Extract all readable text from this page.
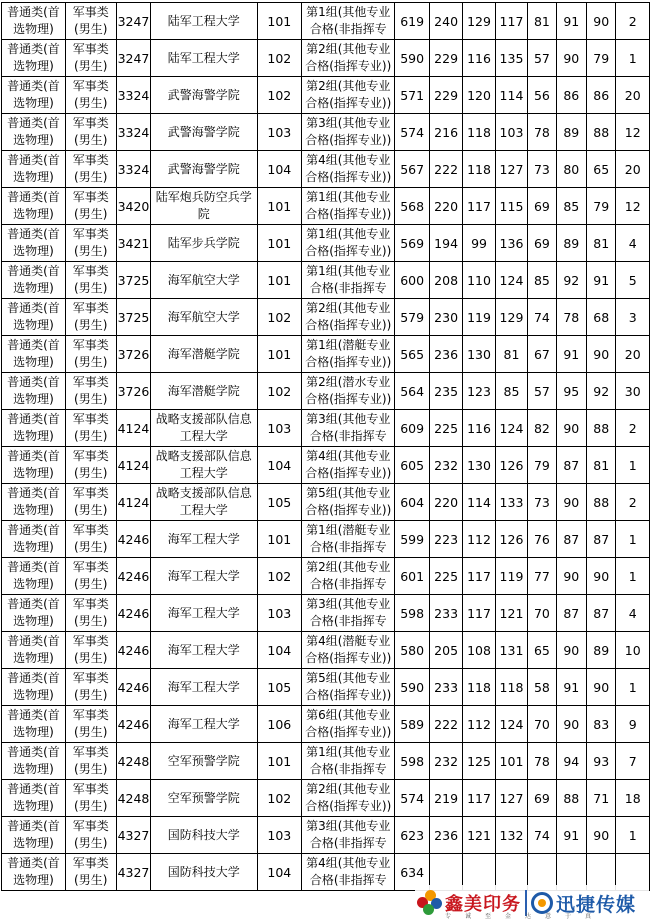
普通类(首
选物理)	军事类
(男生)	3247	陆军工程大学	101	第1组(其他专业
合格(非指挥专	619	240	129	117	81	91	90	2
普通类(首
选物理)	军事类
(男生)	3247	陆军工程大学	102	第2组(其他专业
合格(指挥专业))	590	229	116	135	57	90	79	1
普通类(首
选物理)	军事类
(男生)	3324	武警海警学院	102	第2组(其他专业
合格(指挥专业))	571	229	120	114	56	86	86	20
普通类(首
选物理)	军事类
(男生)	3324	武警海警学院	103	第3组(其他专业
合格(指挥专业))	574	216	118	103	78	89	88	12
普通类(首
选物理)	军事类
(男生)	3324	武警海警学院	104	第4组(其他专业
合格(指挥专业))	567	222	118	127	73	80	65	20
普通类(首
选物理)	军事类
(男生)	3420	陆军炮兵防空兵学
院	101	第1组(其他专业
合格(指挥专业))	568	220	117	115	69	85	79	12
普通类(首
选物理)	军事类
(男生)	3421	陆军步兵学院	101	第1组(其他专业
合格(指挥专业))	569	194	99	136	69	89	81	4
普通类(首
选物理)	军事类
(男生)	3725	海军航空大学	101	第1组(其他专业
合格(非指挥专	600	208	110	124	85	92	91	5
普通类(首
选物理)	军事类
(男生)	3725	海军航空大学	102	第2组(其他专业
合格(指挥专业))	579	230	119	129	74	78	68	3
普通类(首
选物理)	军事类
(男生)	3726	海军潜艇学院	101	第1组(潜艇专业
合格(指挥专业))	565	236	130	81	67	91	90	20
普通类(首
选物理)	军事类
(男生)	3726	海军潜艇学院	102	第2组(潜水专业
合格(指挥专业))	564	235	123	85	57	95	92	30
普通类(首
选物理)	军事类
(男生)	4124	战略支援部队信息
工程大学	103	第3组(其他专业
合格(非指挥专	609	225	116	124	82	90	88	2
普通类(首
选物理)	军事类
(男生)	4124	战略支援部队信息
工程大学	104	第4组(其他专业
合格(指挥专业))	605	232	130	126	79	87	81	1
普通类(首
选物理)	军事类
(男生)	4124	战略支援部队信息
工程大学	105	第5组(其他专业
合格(指挥专业))	604	220	114	133	73	90	88	2
普通类(首
选物理)	军事类
(男生)	4246	海军工程大学	101	第1组(潜艇专业
合格(非指挥专	599	223	112	126	76	87	87	1
普通类(首
选物理)	军事类
(男生)	4246	海军工程大学	102	第2组(其他专业
合格(非指挥专	601	225	117	119	77	90	90	1
普通类(首
选物理)	军事类
(男生)	4246	海军工程大学	103	第3组(其他专业
合格(非指挥专	598	233	117	121	70	87	87	4
普通类(首
选物理)	军事类
(男生)	4246	海军工程大学	104	第4组(潜艇专业
合格(指挥专业))	580	205	108	131	65	90	89	10
普通类(首
选物理)	军事类
(男生)	4246	海军工程大学	105	第5组(其他专业
合格(指挥专业))	590	233	118	118	58	91	90	1
普通类(首
选物理)	军事类
(男生)	4246	海军工程大学	106	第6组(其他专业
合格(指挥专业))	589	222	112	124	70	90	83	9
普通类(首
选物理)	军事类
(男生)	4248	空军预警学院	101	第1组(其他专业
合格(非指挥专	598	232	125	101	78	94	93	7
普通类(首
选物理)	军事类
(男生)	4248	空军预警学院	102	第2组(其他专业
合格(指挥专业))	574	219	117	127	69	88	71	18
普通类(首
选物理)	军事类
(男生)	4327	国防科技大学	103	第3组(其他专业
合格(非指挥专	623	236	121	132	74	91	90	1
普通类(首
选物理)	军事类
(男生)	4327	国防科技大学	104	第4组(其他专业
合格(非指挥专	634							
鑫美印务 迅捷传媒
专诚至金达意于真
